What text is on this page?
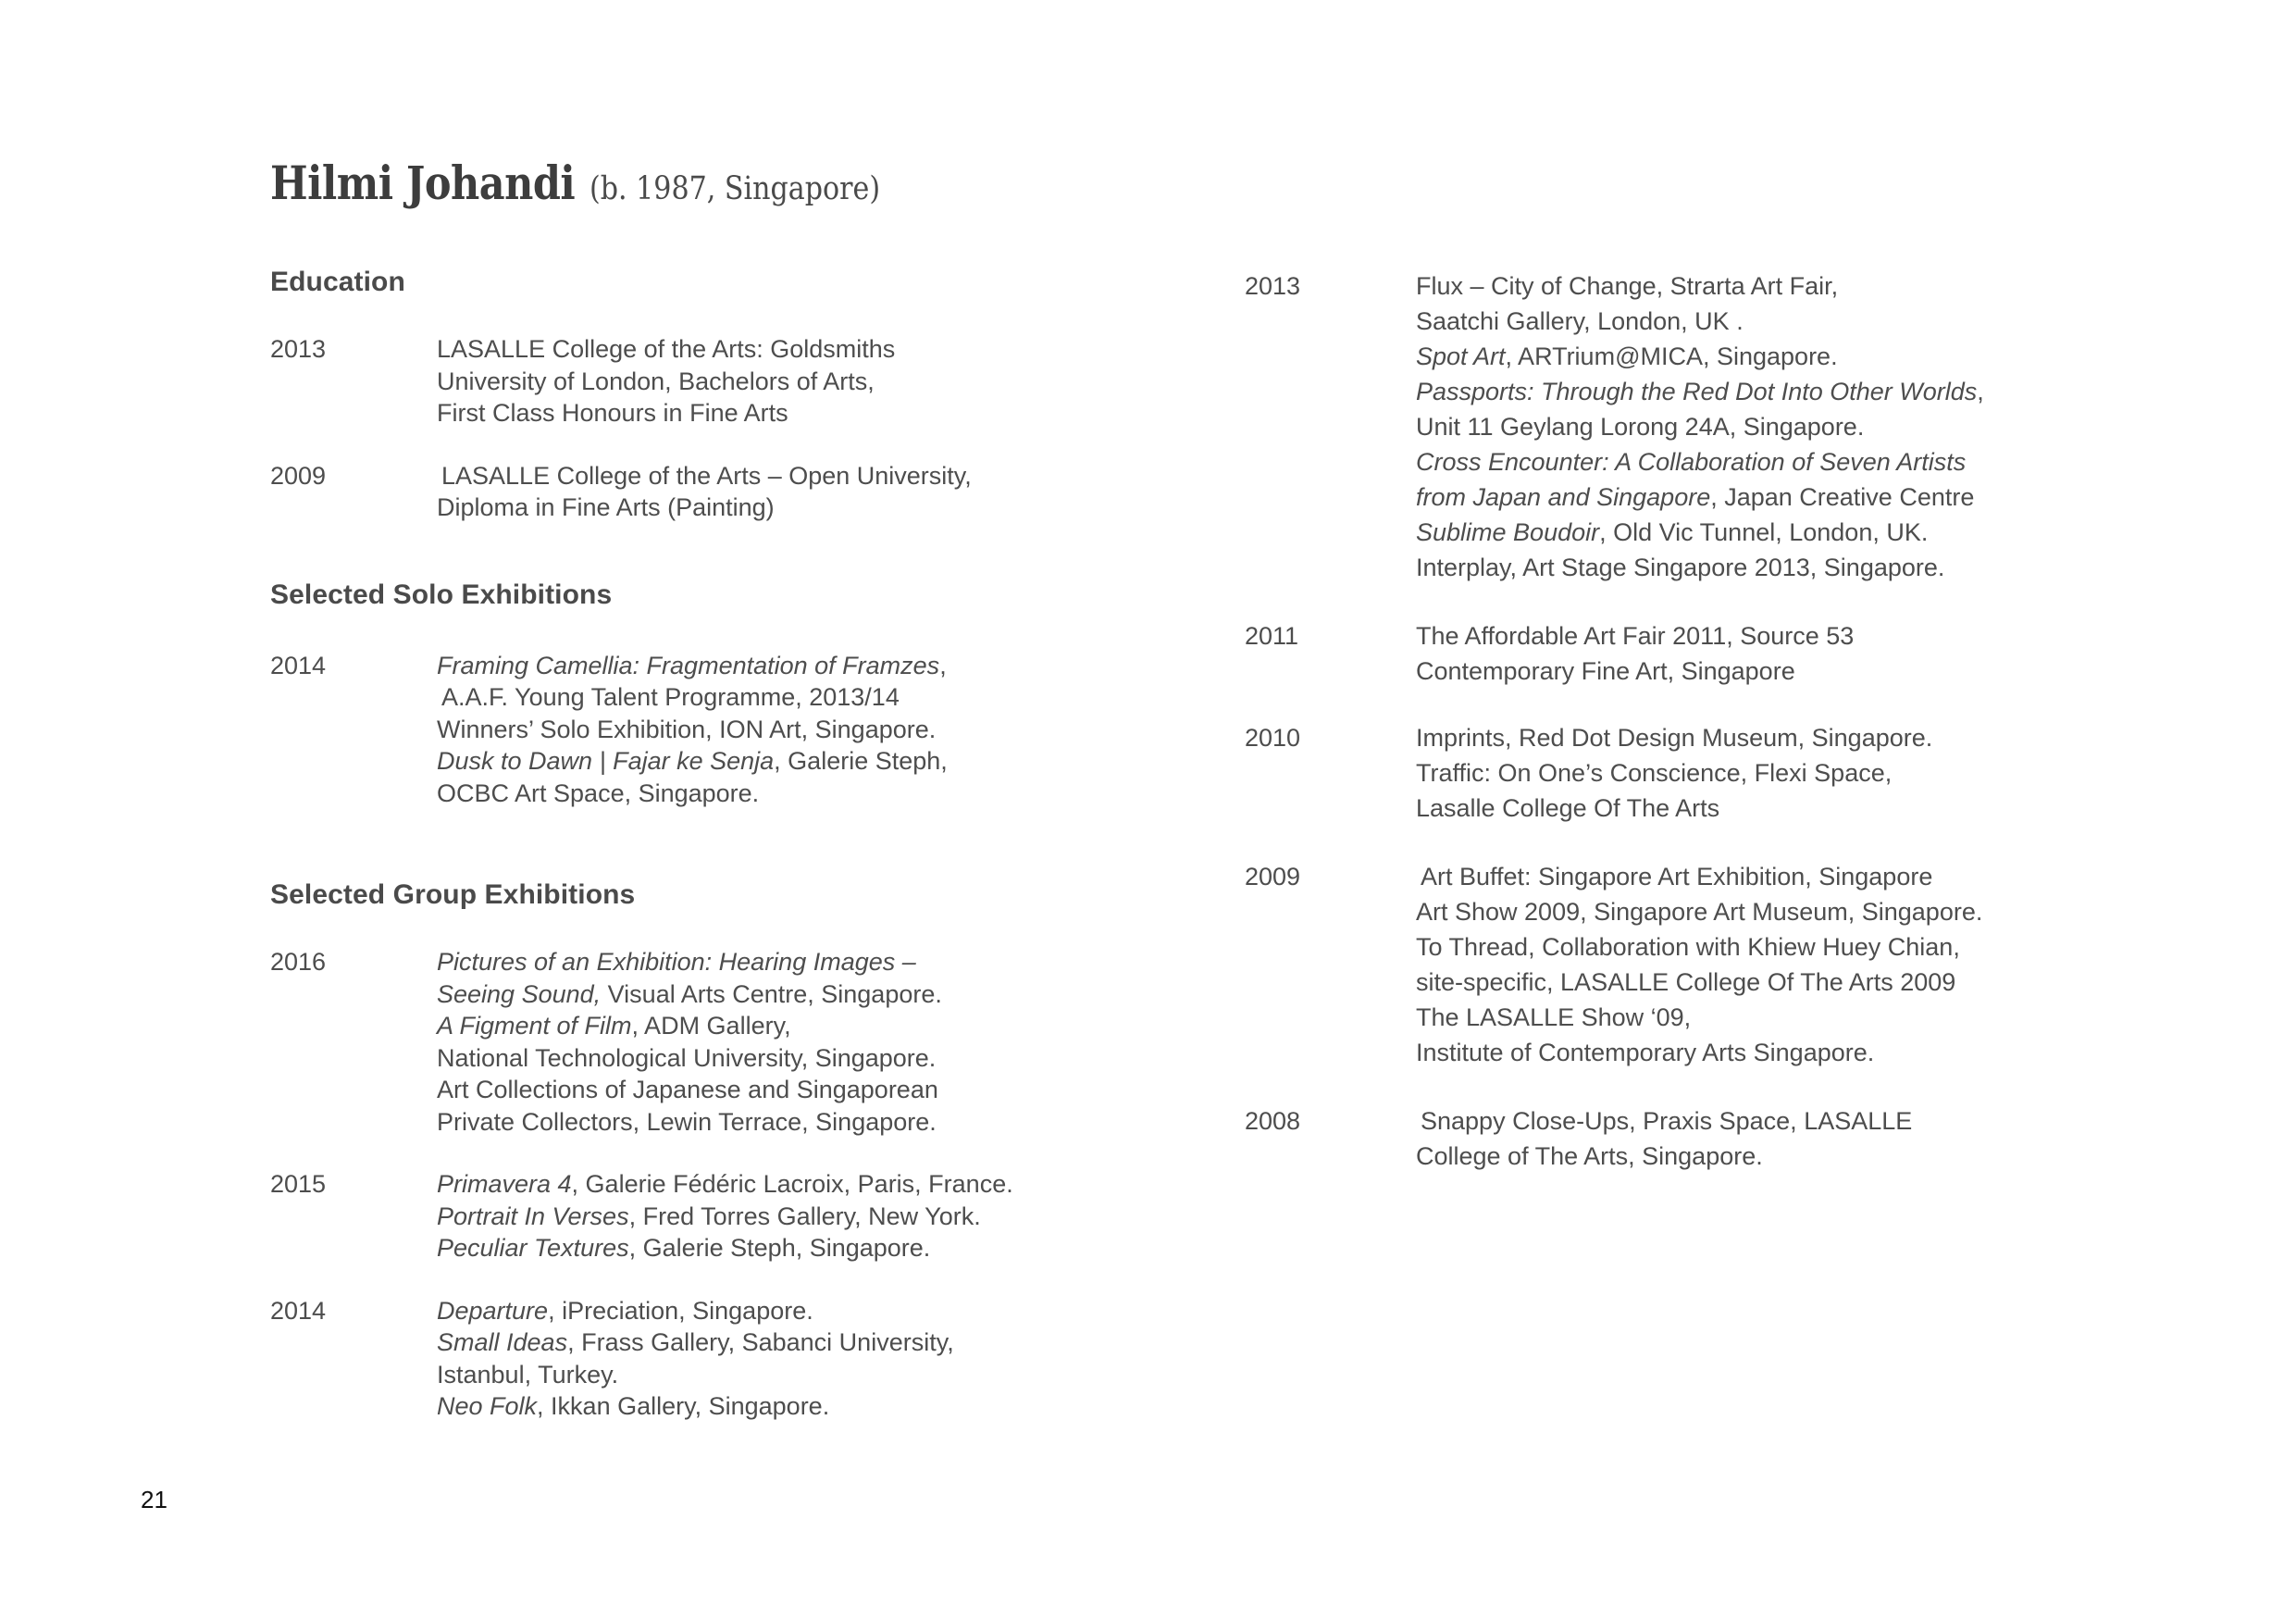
Hilmi Johandi (b. 1987, Singapore)
Education
2013	LASALLE College of the Arts: Goldsmiths
University of London, Bachelors of Arts,
First Class Honours in Fine Arts
2009	LASALLE College of the Arts – Open University,
Diploma in Fine Arts (Painting)
Selected Solo Exhibitions
2014	Framing Camellia: Fragmentation of Framzes,
A.A.F. Young Talent Programme, 2013/14
Winners’ Solo Exhibition, ION Art, Singapore.
Dusk to Dawn | Fajar ke Senja, Galerie Steph,
OCBC Art Space, Singapore.
Selected Group Exhibitions
2016	Pictures of an Exhibition: Hearing Images –
Seeing Sound, Visual Arts Centre, Singapore.
A Figment of Film, ADM Gallery,
National Technological University, Singapore.
Art Collections of Japanese and Singaporean
Private Collectors, Lewin Terrace, Singapore.
2015	Primavera 4, Galerie Fédéric Lacroix, Paris, France.
Portrait In Verses, Fred Torres Gallery, New York.
Peculiar Textures, Galerie Steph, Singapore.
2014	Departure, iPreciation, Singapore.
Small Ideas, Frass Gallery, Sabanci University,
Istanbul, Turkey.
Neo Folk, Ikkan Gallery, Singapore.
2013	Flux – City of Change, Strarta Art Fair,
Saatchi Gallery, London, UK .
Spot Art, ARTrium@MICA, Singapore.
Passports: Through the Red Dot Into Other Worlds,
Unit 11 Geylang Lorong 24A, Singapore.
Cross Encounter: A Collaboration of Seven Artists
from Japan and Singapore, Japan Creative Centre
Sublime Boudoir, Old Vic Tunnel, London, UK.
Interplay, Art Stage Singapore 2013, Singapore.
2011	The Affordable Art Fair 2011, Source 53
Contemporary Fine Art, Singapore
2010	Imprints, Red Dot Design Museum, Singapore.
Traffic: On One’s Conscience, Flexi Space,
Lasalle College Of The Arts
2009	Art Buffet: Singapore Art Exhibition, Singapore
Art Show 2009, Singapore Art Museum, Singapore.
To Thread, Collaboration with Khiew Huey Chian,
site-specific, LASALLE College Of The Arts 2009
The LASALLE Show ‘09,
Institute of Contemporary Arts Singapore.
2008	Snappy Close-Ups, Praxis Space, LASALLE
College of The Arts, Singapore.
21
